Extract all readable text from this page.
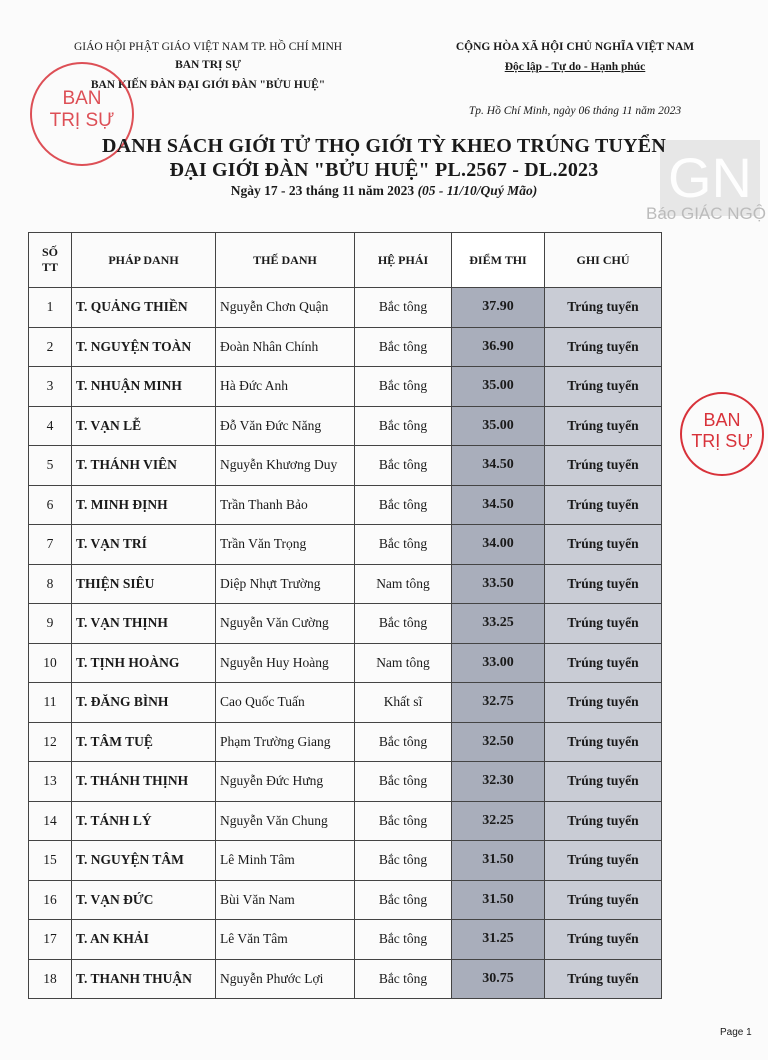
GIÁO HỘI PHẬT GIÁO VIỆT NAM TP. HỒ CHÍ MINH
BAN TRỊ SỰ
BAN KIẾN ĐÀN ĐẠI GIỚI ĐÀN "BỬU HUỆ"
CỘNG HÒA XÃ HỘI CHỦ NGHĨA VIỆT NAM
Độc lập - Tự do - Hạnh phúc
Tp. Hồ Chí Minh, ngày 06 tháng 11 năm 2023
BAN
TRỊ SỰ
GN
Báo GIÁC NGỘ
DANH SÁCH GIỚI TỬ THỌ GIỚI TỲ KHEO TRÚNG TUYỂN
ĐẠI GIỚI ĐÀN "BỬU HUỆ" PL.2567 - DL.2023
Ngày 17 - 23 tháng 11 năm 2023 (05 - 11/10/Quý Mão)
SỐ TT	PHÁP DANH	THẾ DANH	HỆ PHÁI	ĐIỂM THI	GHI CHÚ
1	T. QUẢNG THIỀN	Nguyễn Chơn Quận	Bắc tông	37.90	Trúng tuyển
2	T. NGUYỆN TOÀN	Đoàn Nhân Chính	Bắc tông	36.90	Trúng tuyển
3	T. NHUẬN MINH	Hà Đức Anh	Bắc tông	35.00	Trúng tuyển
4	T. VẠN LỄ	Đỗ Văn Đức Năng	Bắc tông	35.00	Trúng tuyển
5	T. THÁNH VIÊN	Nguyễn Khương Duy	Bắc tông	34.50	Trúng tuyển
6	T. MINH ĐỊNH	Trần Thanh Bảo	Bắc tông	34.50	Trúng tuyển
7	T. VẠN TRÍ	Trần Văn Trọng	Bắc tông	34.00	Trúng tuyển
8	THIỆN SIÊU	Diệp Nhựt Trường	Nam tông	33.50	Trúng tuyển
9	T. VẠN THỊNH	Nguyễn Văn Cường	Bắc tông	33.25	Trúng tuyển
10	T. TỊNH HOÀNG	Nguyễn Huy Hoàng	Nam tông	33.00	Trúng tuyển
11	T. ĐĂNG BÌNH	Cao Quốc Tuấn	Khất sĩ	32.75	Trúng tuyển
12	T. TÂM TUỆ	Phạm Trường Giang	Bắc tông	32.50	Trúng tuyển
13	T. THÁNH THỊNH	Nguyễn Đức Hưng	Bắc tông	32.30	Trúng tuyển
14	T. TÁNH LÝ	Nguyễn Văn Chung	Bắc tông	32.25	Trúng tuyển
15	T. NGUYỆN TÂM	Lê Minh Tâm	Bắc tông	31.50	Trúng tuyển
16	T. VẠN ĐỨC	Bùi Văn Nam	Bắc tông	31.50	Trúng tuyển
17	T. AN KHẢI	Lê Văn Tâm	Bắc tông	31.25	Trúng tuyển
18	T. THANH THUẬN	Nguyễn Phước Lợi	Bắc tông	30.75	Trúng tuyển
BAN
TRỊ SỰ
Page 1
